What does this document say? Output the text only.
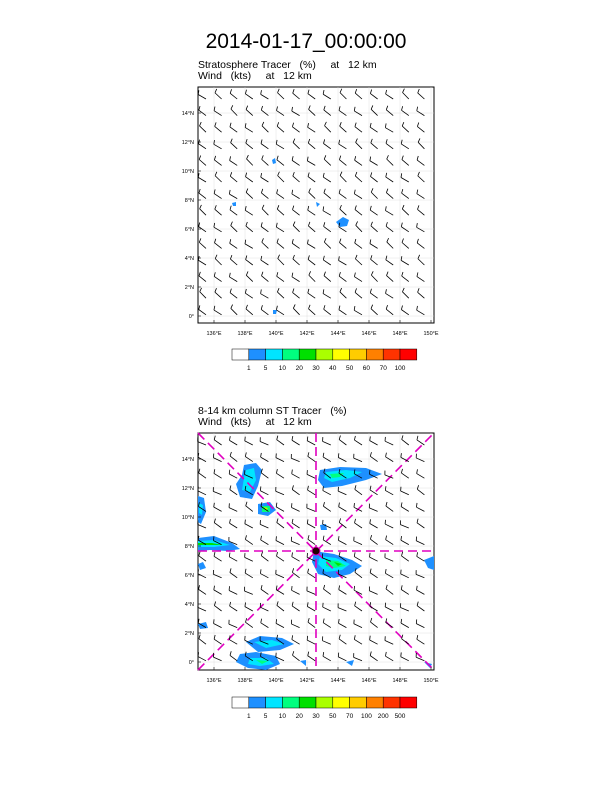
2014-01-17_00:00:00
Stratosphere Tracer   (%)     at   12 km
Wind   (kts)     at   12 km
8-14 km column ST Tracer   (%)
Wind   (kts)     at   12 km
0°
2°N
4°N
6°N
8°N
10°N
12°N
14°N
136°E	138°E	140°E	142°E	144°E	146°E	148°E	150°E
1 5 10 20 30 40 50 60 70 100
0°
2°N
4°N
6°N
8°N
10°N
12°N
14°N
136°E	138°E	140°E	142°E	144°E	146°E	148°E	150°E
1 5 10 20 30 50 70 100 200 500
